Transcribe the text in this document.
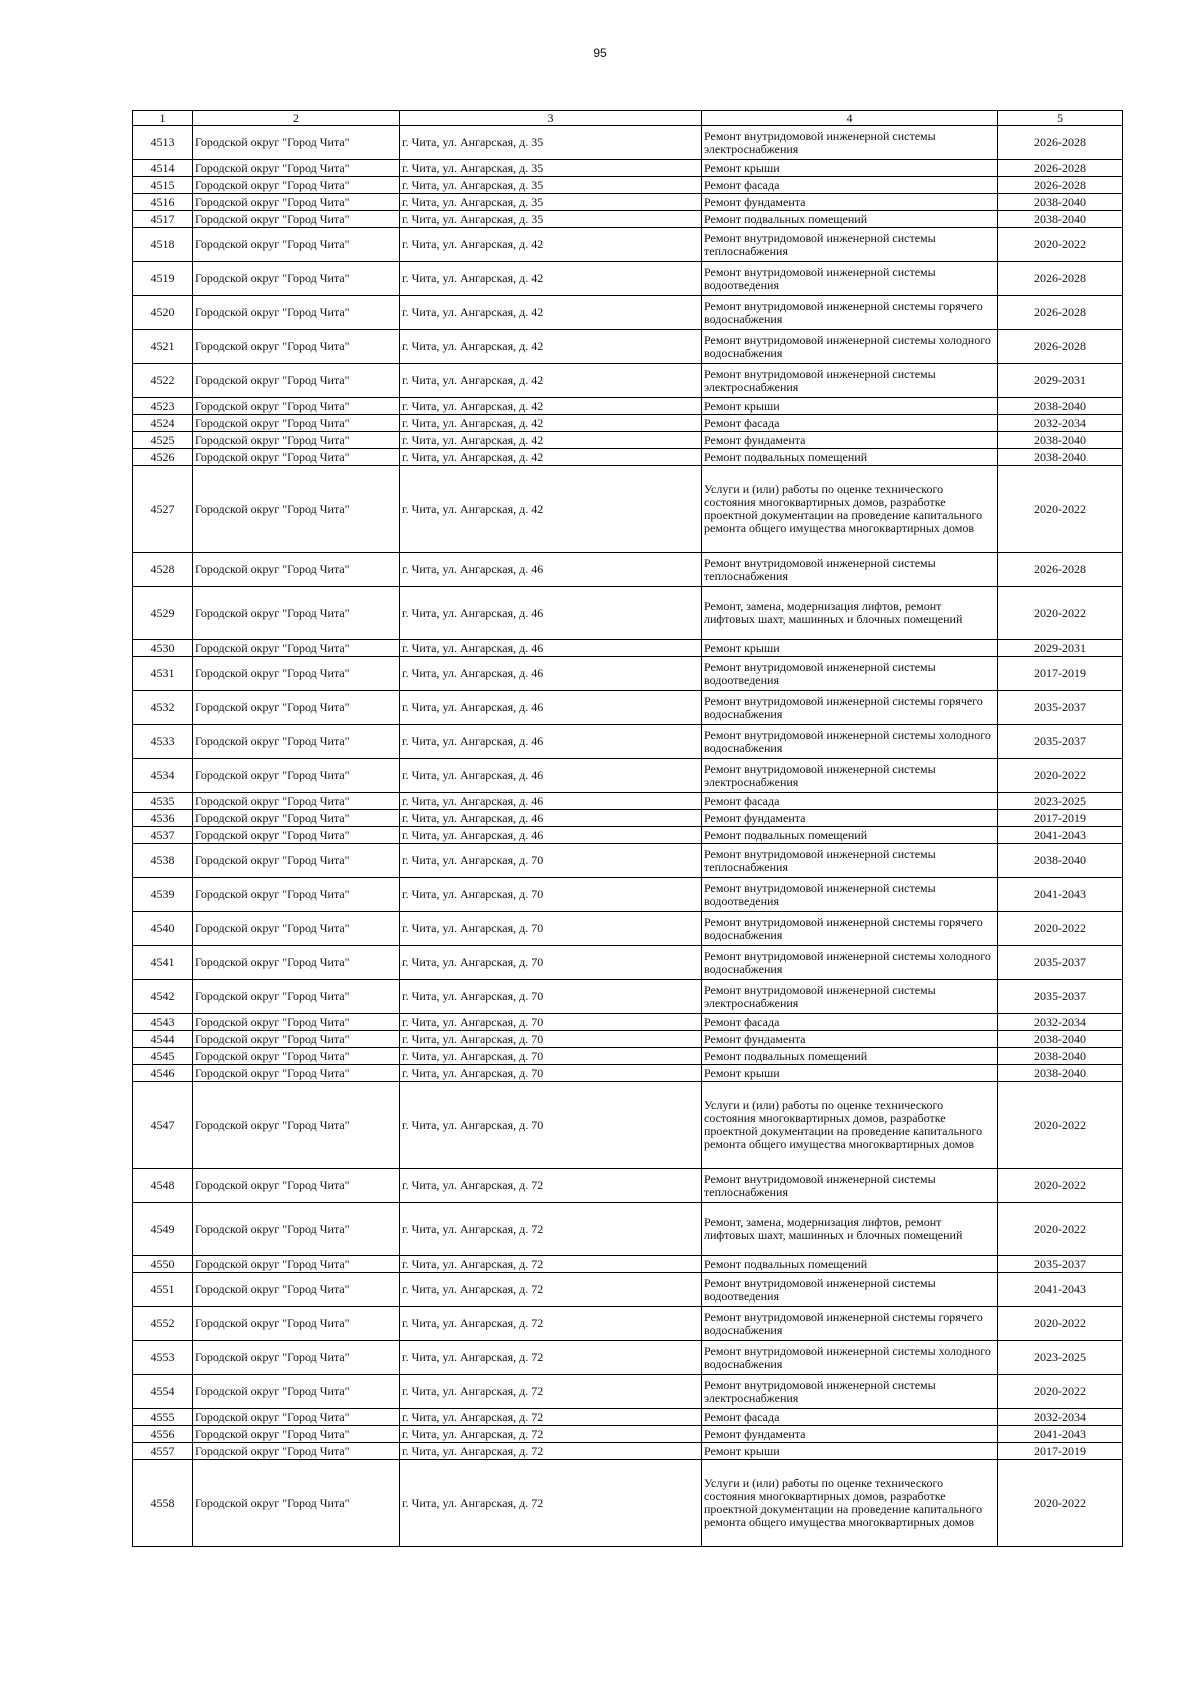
95
1	2	3	4	5
4513	Городской округ "Город Чита"	г. Чита, ул. Ангарская, д. 35	Ремонт внутридомовой инженерной системы электроснабжения	2026-2028
4514	Городской округ "Город Чита"	г. Чита, ул. Ангарская, д. 35	Ремонт крыши	2026-2028
4515	Городской округ "Город Чита"	г. Чита, ул. Ангарская, д. 35	Ремонт фасада	2026-2028
4516	Городской округ "Город Чита"	г. Чита, ул. Ангарская, д. 35	Ремонт фундамента	2038-2040
4517	Городской округ "Город Чита"	г. Чита, ул. Ангарская, д. 35	Ремонт подвальных помещений	2038-2040
4518	Городской округ "Город Чита"	г. Чита, ул. Ангарская, д. 42	Ремонт внутридомовой инженерной системы теплоснабжения	2020-2022
4519	Городской округ "Город Чита"	г. Чита, ул. Ангарская, д. 42	Ремонт внутридомовой инженерной системы водоотведения	2026-2028
4520	Городской округ "Город Чита"	г. Чита, ул. Ангарская, д. 42	Ремонт внутридомовой инженерной системы горячего водоснабжения	2026-2028
4521	Городской округ "Город Чита"	г. Чита, ул. Ангарская, д. 42	Ремонт внутридомовой инженерной системы холодного водоснабжения	2026-2028
4522	Городской округ "Город Чита"	г. Чита, ул. Ангарская, д. 42	Ремонт внутридомовой инженерной системы электроснабжения	2029-2031
4523	Городской округ "Город Чита"	г. Чита, ул. Ангарская, д. 42	Ремонт крыши	2038-2040
4524	Городской округ "Город Чита"	г. Чита, ул. Ангарская, д. 42	Ремонт фасада	2032-2034
4525	Городской округ "Город Чита"	г. Чита, ул. Ангарская, д. 42	Ремонт фундамента	2038-2040
4526	Городской округ "Город Чита"	г. Чита, ул. Ангарская, д. 42	Ремонт подвальных помещений	2038-2040
4527	Городской округ "Город Чита"	г. Чита, ул. Ангарская, д. 42	Услуги и (или) работы по оценке технического состояния многоквартирных домов, разработке проектной документации на проведение капитального ремонта общего имущества многоквартирных домов	2020-2022
4528	Городской округ "Город Чита"	г. Чита, ул. Ангарская, д. 46	Ремонт внутридомовой инженерной системы теплоснабжения	2026-2028
4529	Городской округ "Город Чита"	г. Чита, ул. Ангарская, д. 46	Ремонт, замена, модернизация лифтов, ремонт лифтовых шахт, машинных и блочных помещений	2020-2022
4530	Городской округ "Город Чита"	г. Чита, ул. Ангарская, д. 46	Ремонт крыши	2029-2031
4531	Городской округ "Город Чита"	г. Чита, ул. Ангарская, д. 46	Ремонт внутридомовой инженерной системы водоотведения	2017-2019
4532	Городской округ "Город Чита"	г. Чита, ул. Ангарская, д. 46	Ремонт внутридомовой инженерной системы горячего водоснабжения	2035-2037
4533	Городской округ "Город Чита"	г. Чита, ул. Ангарская, д. 46	Ремонт внутридомовой инженерной системы холодного водоснабжения	2035-2037
4534	Городской округ "Город Чита"	г. Чита, ул. Ангарская, д. 46	Ремонт внутридомовой инженерной системы электроснабжения	2020-2022
4535	Городской округ "Город Чита"	г. Чита, ул. Ангарская, д. 46	Ремонт фасада	2023-2025
4536	Городской округ "Город Чита"	г. Чита, ул. Ангарская, д. 46	Ремонт фундамента	2017-2019
4537	Городской округ "Город Чита"	г. Чита, ул. Ангарская, д. 46	Ремонт подвальных помещений	2041-2043
4538	Городской округ "Город Чита"	г. Чита, ул. Ангарская, д. 70	Ремонт внутридомовой инженерной системы теплоснабжения	2038-2040
4539	Городской округ "Город Чита"	г. Чита, ул. Ангарская, д. 70	Ремонт внутридомовой инженерной системы водоотведения	2041-2043
4540	Городской округ "Город Чита"	г. Чита, ул. Ангарская, д. 70	Ремонт внутридомовой инженерной системы горячего водоснабжения	2020-2022
4541	Городской округ "Город Чита"	г. Чита, ул. Ангарская, д. 70	Ремонт внутридомовой инженерной системы холодного водоснабжения	2035-2037
4542	Городской округ "Город Чита"	г. Чита, ул. Ангарская, д. 70	Ремонт внутридомовой инженерной системы электроснабжения	2035-2037
4543	Городской округ "Город Чита"	г. Чита, ул. Ангарская, д. 70	Ремонт фасада	2032-2034
4544	Городской округ "Город Чита"	г. Чита, ул. Ангарская, д. 70	Ремонт фундамента	2038-2040
4545	Городской округ "Город Чита"	г. Чита, ул. Ангарская, д. 70	Ремонт подвальных помещений	2038-2040
4546	Городской округ "Город Чита"	г. Чита, ул. Ангарская, д. 70	Ремонт крыши	2038-2040
4547	Городской округ "Город Чита"	г. Чита, ул. Ангарская, д. 70	Услуги и (или) работы по оценке технического состояния многоквартирных домов, разработке проектной документации на проведение капитального ремонта общего имущества многоквартирных домов	2020-2022
4548	Городской округ "Город Чита"	г. Чита, ул. Ангарская, д. 72	Ремонт внутридомовой инженерной системы теплоснабжения	2020-2022
4549	Городской округ "Город Чита"	г. Чита, ул. Ангарская, д. 72	Ремонт, замена, модернизация лифтов, ремонт лифтовых шахт, машинных и блочных помещений	2020-2022
4550	Городской округ "Город Чита"	г. Чита, ул. Ангарская, д. 72	Ремонт подвальных помещений	2035-2037
4551	Городской округ "Город Чита"	г. Чита, ул. Ангарская, д. 72	Ремонт внутридомовой инженерной системы водоотведения	2041-2043
4552	Городской округ "Город Чита"	г. Чита, ул. Ангарская, д. 72	Ремонт внутридомовой инженерной системы горячего водоснабжения	2020-2022
4553	Городской округ "Город Чита"	г. Чита, ул. Ангарская, д. 72	Ремонт внутридомовой инженерной системы холодного водоснабжения	2023-2025
4554	Городской округ "Город Чита"	г. Чита, ул. Ангарская, д. 72	Ремонт внутридомовой инженерной системы электроснабжения	2020-2022
4555	Городской округ "Город Чита"	г. Чита, ул. Ангарская, д. 72	Ремонт фасада	2032-2034
4556	Городской округ "Город Чита"	г. Чита, ул. Ангарская, д. 72	Ремонт фундамента	2041-2043
4557	Городской округ "Город Чита"	г. Чита, ул. Ангарская, д. 72	Ремонт крыши	2017-2019
4558	Городской округ "Город Чита"	г. Чита, ул. Ангарская, д. 72	Услуги и (или) работы по оценке технического состояния многоквартирных домов, разработке проектной документации на проведение капитального ремонта общего имущества многоквартирных домов	2020-2022
